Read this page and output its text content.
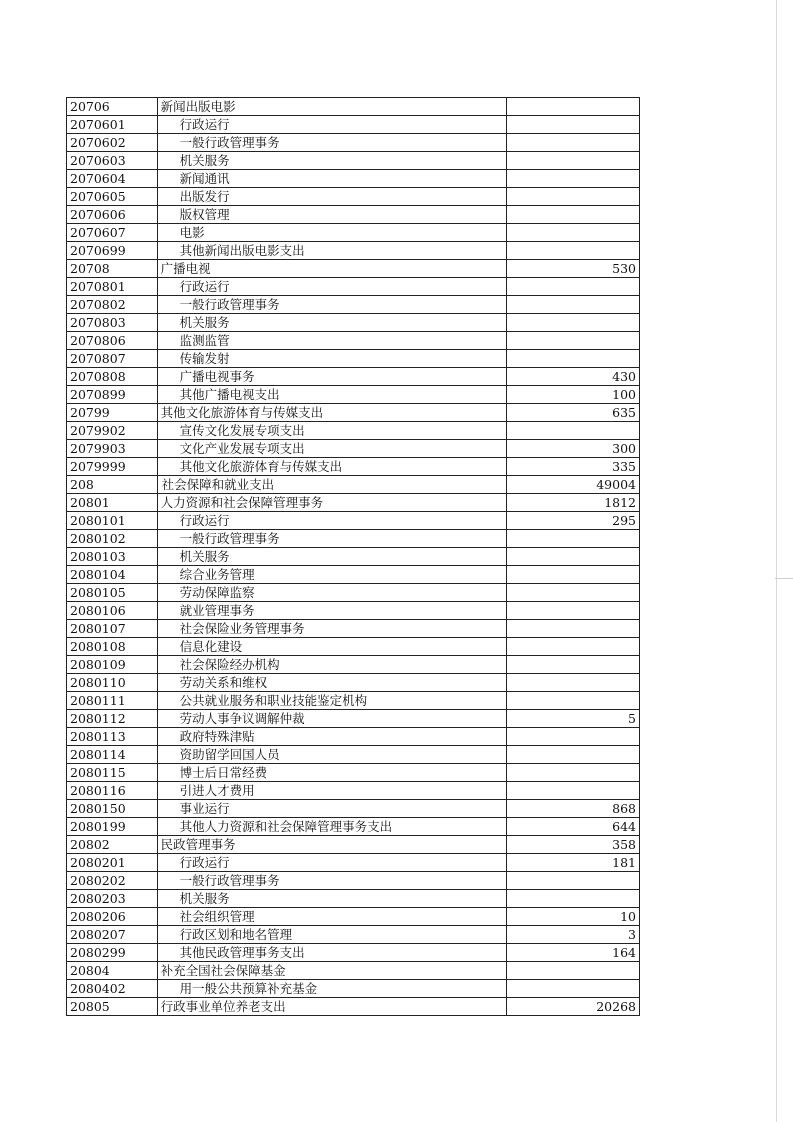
20706	新闻出版电影	
2070601	行政运行	
2070602	一般行政管理事务	
2070603	机关服务	
2070604	新闻通讯	
2070605	出版发行	
2070606	版权管理	
2070607	电影	
2070699	其他新闻出版电影支出	
20708	广播电视	530
2070801	行政运行	
2070802	一般行政管理事务	
2070803	机关服务	
2070806	监测监管	
2070807	传输发射	
2070808	广播电视事务	430
2070899	其他广播电视支出	100
20799	其他文化旅游体育与传媒支出	635
2079902	宣传文化发展专项支出	
2079903	文化产业发展专项支出	300
2079999	其他文化旅游体育与传媒支出	335
208	社会保障和就业支出	49004
20801	人力资源和社会保障管理事务	1812
2080101	行政运行	295
2080102	一般行政管理事务	
2080103	机关服务	
2080104	综合业务管理	
2080105	劳动保障监察	
2080106	就业管理事务	
2080107	社会保险业务管理事务	
2080108	信息化建设	
2080109	社会保险经办机构	
2080110	劳动关系和维权	
2080111	公共就业服务和职业技能鉴定机构	
2080112	劳动人事争议调解仲裁	5
2080113	政府特殊津贴	
2080114	资助留学回国人员	
2080115	博士后日常经费	
2080116	引进人才费用	
2080150	事业运行	868
2080199	其他人力资源和社会保障管理事务支出	644
20802	民政管理事务	358
2080201	行政运行	181
2080202	一般行政管理事务	
2080203	机关服务	
2080206	社会组织管理	10
2080207	行政区划和地名管理	3
2080299	其他民政管理事务支出	164
20804	补充全国社会保障基金	
2080402	用一般公共预算补充基金	
20805	行政事业单位养老支出	20268
